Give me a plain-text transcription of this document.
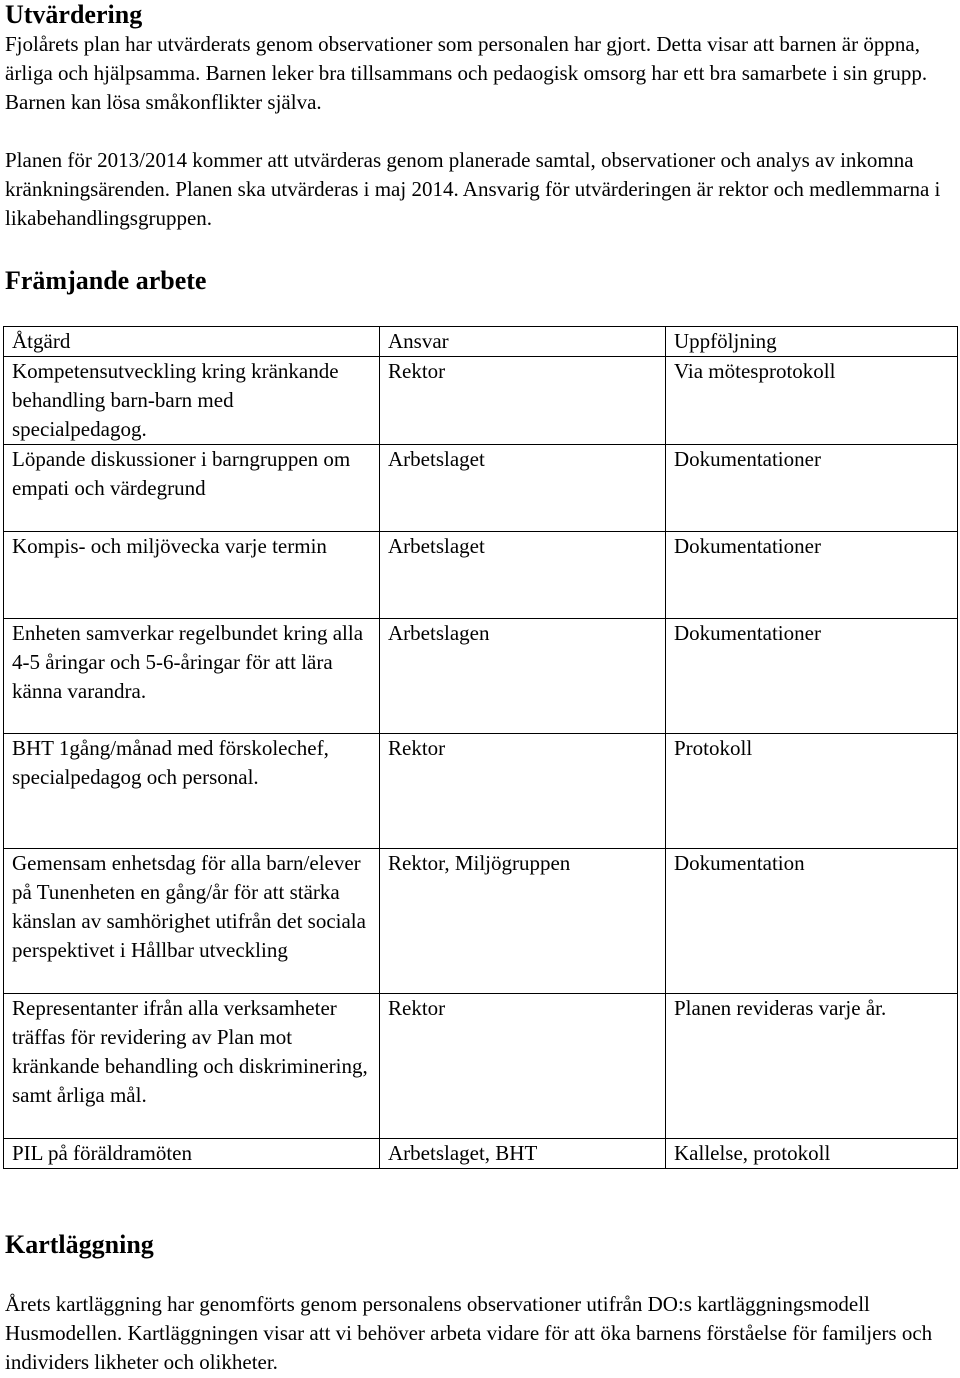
Utvärdering

Fjolårets plan har utvärderats genom observationer som personalen har gjort. Detta visar att barnen är öppna, ärliga och hjälpsamma. Barnen leker bra tillsammans och pedaogisk omsorg har ett bra samarbete i sin grupp. Barnen kan lösa småkonflikter själva.

Planen för 2013/2014 kommer att utvärderas genom planerade samtal, observationer och analys av inkomna kränkningsärenden. Planen ska utvärderas i maj 2014. Ansvarig för utvärderingen är rektor och medlemmarna i likabehandlingsgruppen.

Främjande arbete
Kartläggning

Årets kartläggning har genomförts genom personalens observationer utifrån DO:s kartläggningsmodell Husmodellen. Kartläggningen visar att vi behöver arbeta vidare för att öka barnens förståelse för familjers och individers likheter och olikheter.

Åtgärd	Ansvar	Uppföljning
Kompetensutveckling kring kränkande behandling barn-barn med specialpedagog.	Rektor	Via mötesprotokoll
Löpande diskussioner i barngruppen om empati och värdegrund	Arbetslaget	Dokumentationer
Kompis- och miljövecka varje termin	Arbetslaget	Dokumentationer
Enheten samverkar regelbundet kring alla 4-5 åringar och 5-6-åringar för att lära känna varandra.	Arbetslagen	Dokumentationer
BHT 1gång/månad med förskolechef, specialpedagog och personal.	Rektor	Protokoll
Gemensam enhetsdag för alla barn/elever på Tunenheten en gång/år för att stärka känslan av samhörighet utifrån det sociala perspektivet i Hållbar utveckling	Rektor, Miljögruppen	Dokumentation
Representanter ifrån alla verksamheter träffas för revidering av Plan mot kränkande behandling och diskriminering, samt årliga mål.	Rektor	Planen revideras varje år.
PIL på föräldramöten	Arbetslaget, BHT	Kallelse, protokoll
